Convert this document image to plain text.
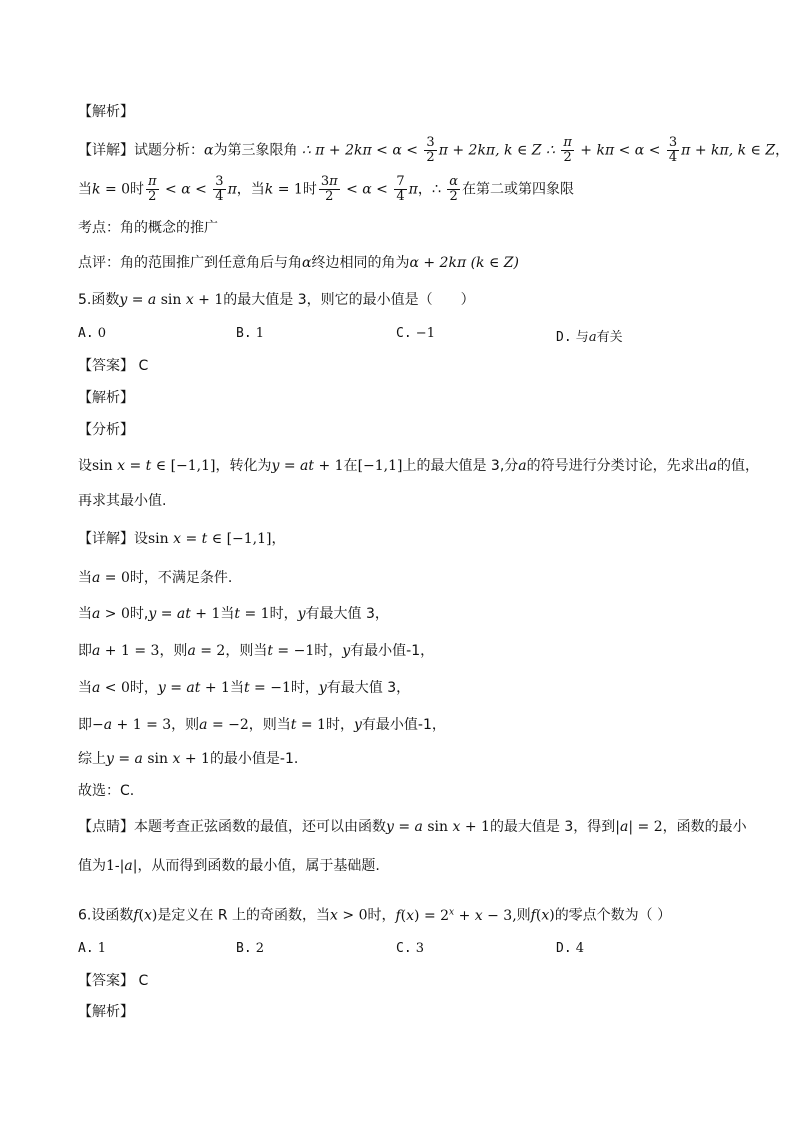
【解析】
【详解】试题分析：α为第三象限角 ∴ $\pi + 2k\pi < \alpha < \frac{3}{2}$ π + 2kπ, k ∈ Z ∴ $\frac{\pi}{2} + k\pi < \alpha < \frac{3}{4}$ π + kπ, k ∈ Z，
当k = 0时 $\frac{\pi}{2} < \alpha < \frac{3}{4}$ π，当k = 1时 $\frac{3\pi}{2} < \alpha < \frac{7}{4}$ π，∴ $\frac{\alpha}{2}$ 在第二或第四象限
考点：角的概念的推广
点评：角的范围推广到任意角后与角α终边相同的角为α + 2kπ (k ∈ Z)
5.函数y = a sin x + 1的最大值是 3，则它的最小值是（　　）
A. 0	B. 1	C. −1	D. 与a有关
【答案】 C
【解析】
【分析】
设sin x = t ∈ [−1,1]，转化为y = at + 1在[−1,1]上的最大值是 3,分a的符号进行分类讨论，先求出a的值，
再求其最小值.
【详解】设sin x = t ∈ [−1,1]，
当a = 0时，不满足条件.
当a > 0时,y = at + 1当t = 1时，y有最大值 3，
即a + 1 = 3，则a = 2，则当t = −1时，y有最小值-1，
当a < 0时，y = at + 1当t = −1时，y有最大值 3，
即−a + 1 = 3，则a = −2，则当t = 1时，y有最小值-1，
综上y = a sin x + 1的最小值是-1.
故选：C.
【点睛】本题考查正弦函数的最值，还可以由函数y = a sin x + 1的最大值是 3，得到|a| = 2，函数的最小
值为1-|a|，从而得到函数的最小值，属于基础题.
6.设函数f(x)是定义在 R 上的奇函数，当x > 0时，$f(x) = 2^x + x - 3$,则f(x)的零点个数为（ ）
A. 1	B. 2	C. 3	D. 4
【答案】 C
【解析】
